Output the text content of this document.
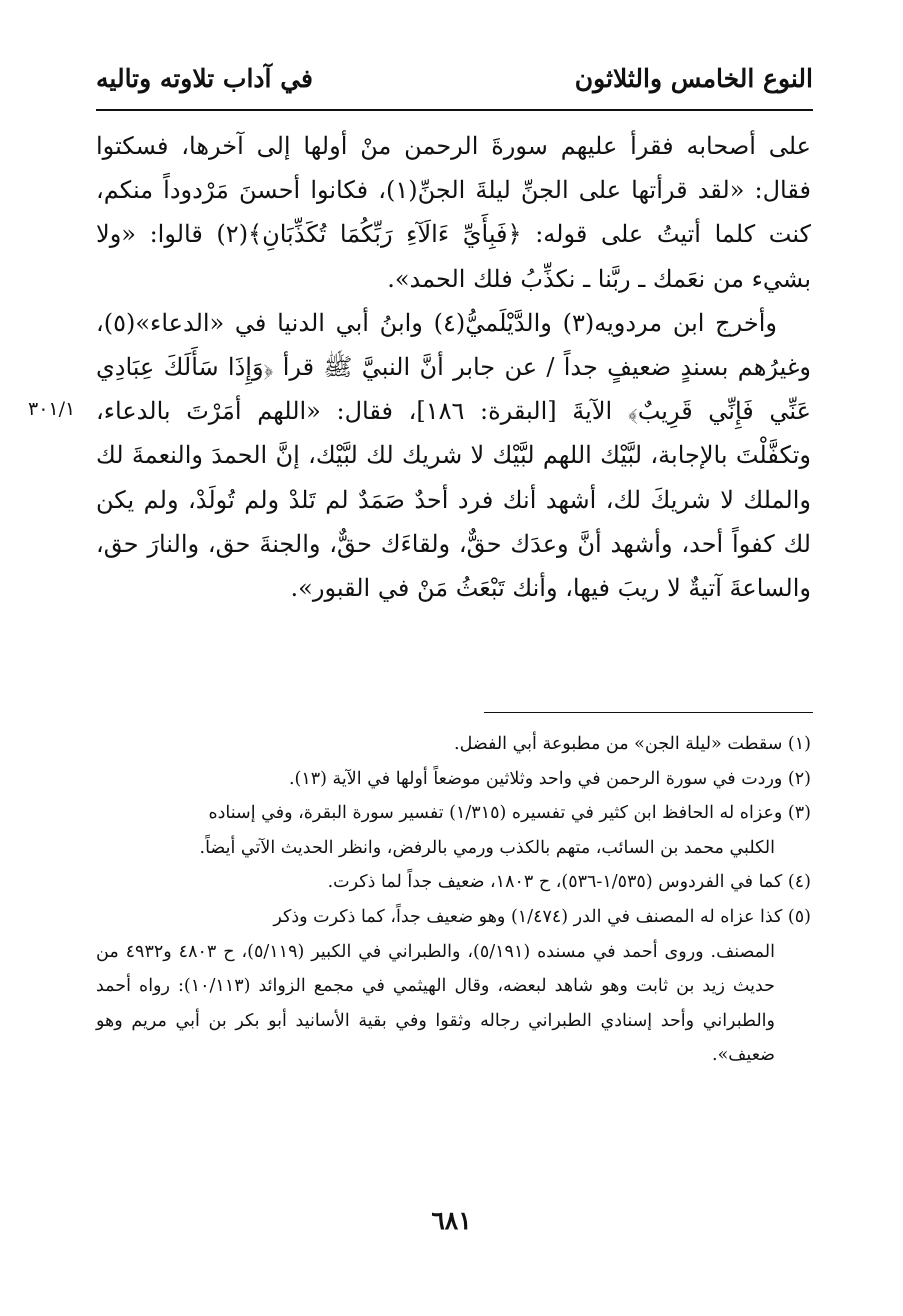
النوع الخامس والثلاثون
في آداب تلاوته وتاليه
٣٠١/١

على أصحابه فقرأ عليهم سورةَ الرحمن منْ أولها إلى آخرها، فسكتوا فقال: «لقد قرأتها على الجنِّ ليلةَ الجنِّ(١)، فكانوا أحسنَ مَرْدوداً منكم، كنت كلما أتيتُ على قوله: ﴿فَبِأَيِّ ءَالَآءِ رَبِّكُمَا تُكَذِّبَانِ﴾(٢) قالوا: «ولا بشيء من نعَمك ـ ربَّنا ـ نكذِّبُ فلك الحمد».

وأخرج ابن مردويه(٣) والدَّيْلَميُّ(٤) وابنُ أبي الدنيا في «الدعاء»(٥)، وغيرُهم بسندٍ ضعيفٍ جداً / عن جابر أنَّ النبيَّ ﷺ قرأ ﴿وَإِذَا سَأَلَكَ عِبَادِي عَنِّي فَإِنِّي قَرِيبٌ﴾ الآيةَ [البقرة: ١٨٦]، فقال: «اللهم أمَرْتَ بالدعاء، وتكفَّلْتَ بالإجابة، لبَّيْك اللهم لبَّيْك لا شريك لك لبَّيْك، إنَّ الحمدَ والنعمةَ لك والملك لا شريكَ لك، أشهد أنك فرد أحدٌ صَمَدٌ لم تَلدْ ولم تُولَدْ، ولم يكن لك كفواً أحد، وأشهد أنَّ وعدَك حقٌّ، ولقاءَك حقٌّ، والجنةَ حق، والنارَ حق، والساعةَ آتيةٌ لا ريبَ فيها، وأنك تَبْعَثُ مَنْ في القبور».

(١) سقطت «ليلة الجن» من مطبوعة أبي الفضل.

(٢) وردت في سورة الرحمن في واحد وثلاثين موضعاً أولها في الآية (١٣).

(٣) وعزاه له الحافظ ابن كثير في تفسيره (١/٣١٥) تفسير سورة البقرة، وفي إسناده

الكلبي محمد بن السائب، متهم بالكذب ورمي بالرفض، وانظر الحديث الآتي أيضاً.

(٤) كما في الفردوس (١/٥٣٥-٥٣٦)، ح ١٨٠٣، ضعيف جداً لما ذكرت.

(٥) كذا عزاه له المصنف في الدر (١/٤٧٤) وهو ضعيف جداً، كما ذكرت وذكر

المصنف. وروى أحمد في مسنده (٥/١٩١)، والطبراني في الكبير (٥/١١٩)، ح ٤٨٠٣ و٤٩٣٢ من حديث زيد بن ثابت وهو شاهد لبعضه، وقال الهيثمي في مجمع الزوائد (١٠/١١٣): رواه أحمد والطبراني وأحد إسنادي الطبراني رجاله وثقوا وفي بقية الأسانيد أبو بكر بن أبي مريم وهو ضعيف».

٦٨١
